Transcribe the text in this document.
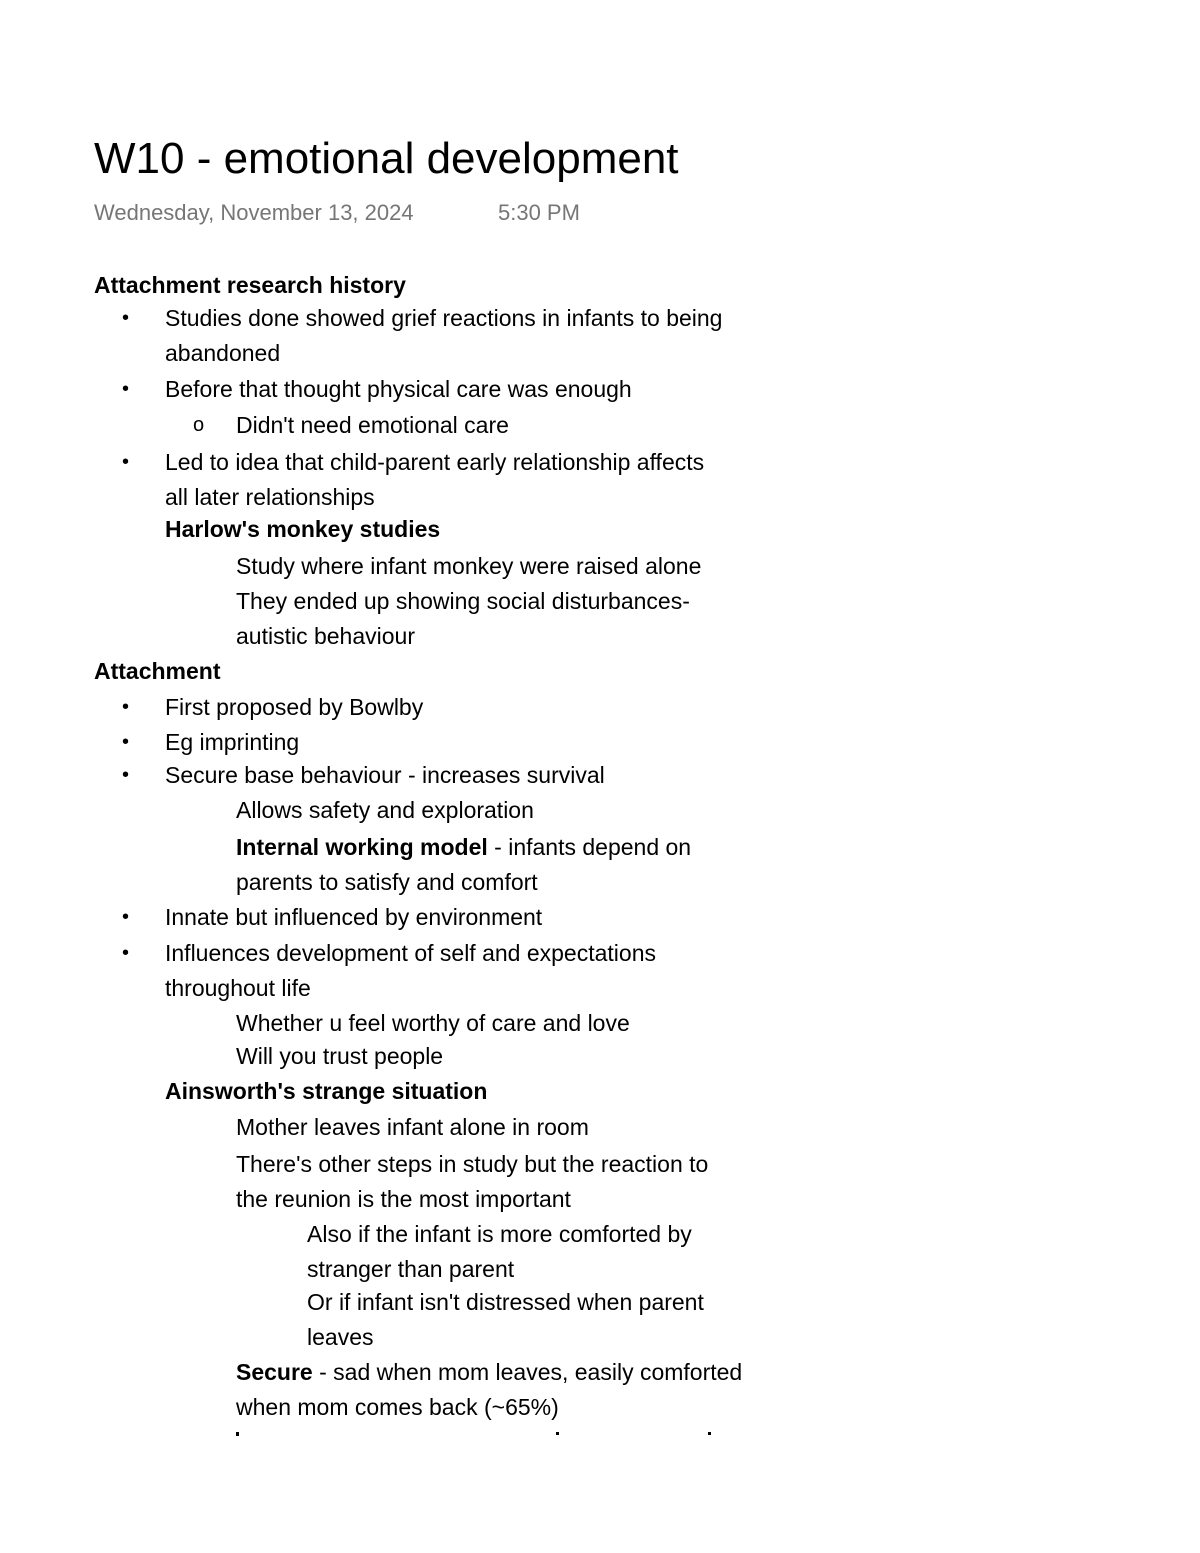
W10 - emotional development
Wednesday, November 13, 2024	5:30 PM
Attachment research history
• Studies done showed grief reactions in infants to being
abandoned
• Before that thought physical care was enough
o Didn't need emotional care
• Led to idea that child-parent early relationship affects
all later relationships
Harlow's monkey studies
Study where infant monkey were raised alone
They ended up showing social disturbances-
autistic behaviour
Attachment
• First proposed by Bowlby
• Eg imprinting
• Secure base behaviour - increases survival
Allows safety and exploration
Internal working model - infants depend on
parents to satisfy and comfort
• Innate but influenced by environment
• Influences development of self and expectations
throughout life
Whether u feel worthy of care and love
Will you trust people
Ainsworth's strange situation
Mother leaves infant alone in room
There's other steps in study but the reaction to
the reunion is the most important
Also if the infant is more comforted by
stranger than parent
Or if infant isn't distressed when parent
leaves
Secure - sad when mom leaves, easily comforted
when mom comes back (~65%)
